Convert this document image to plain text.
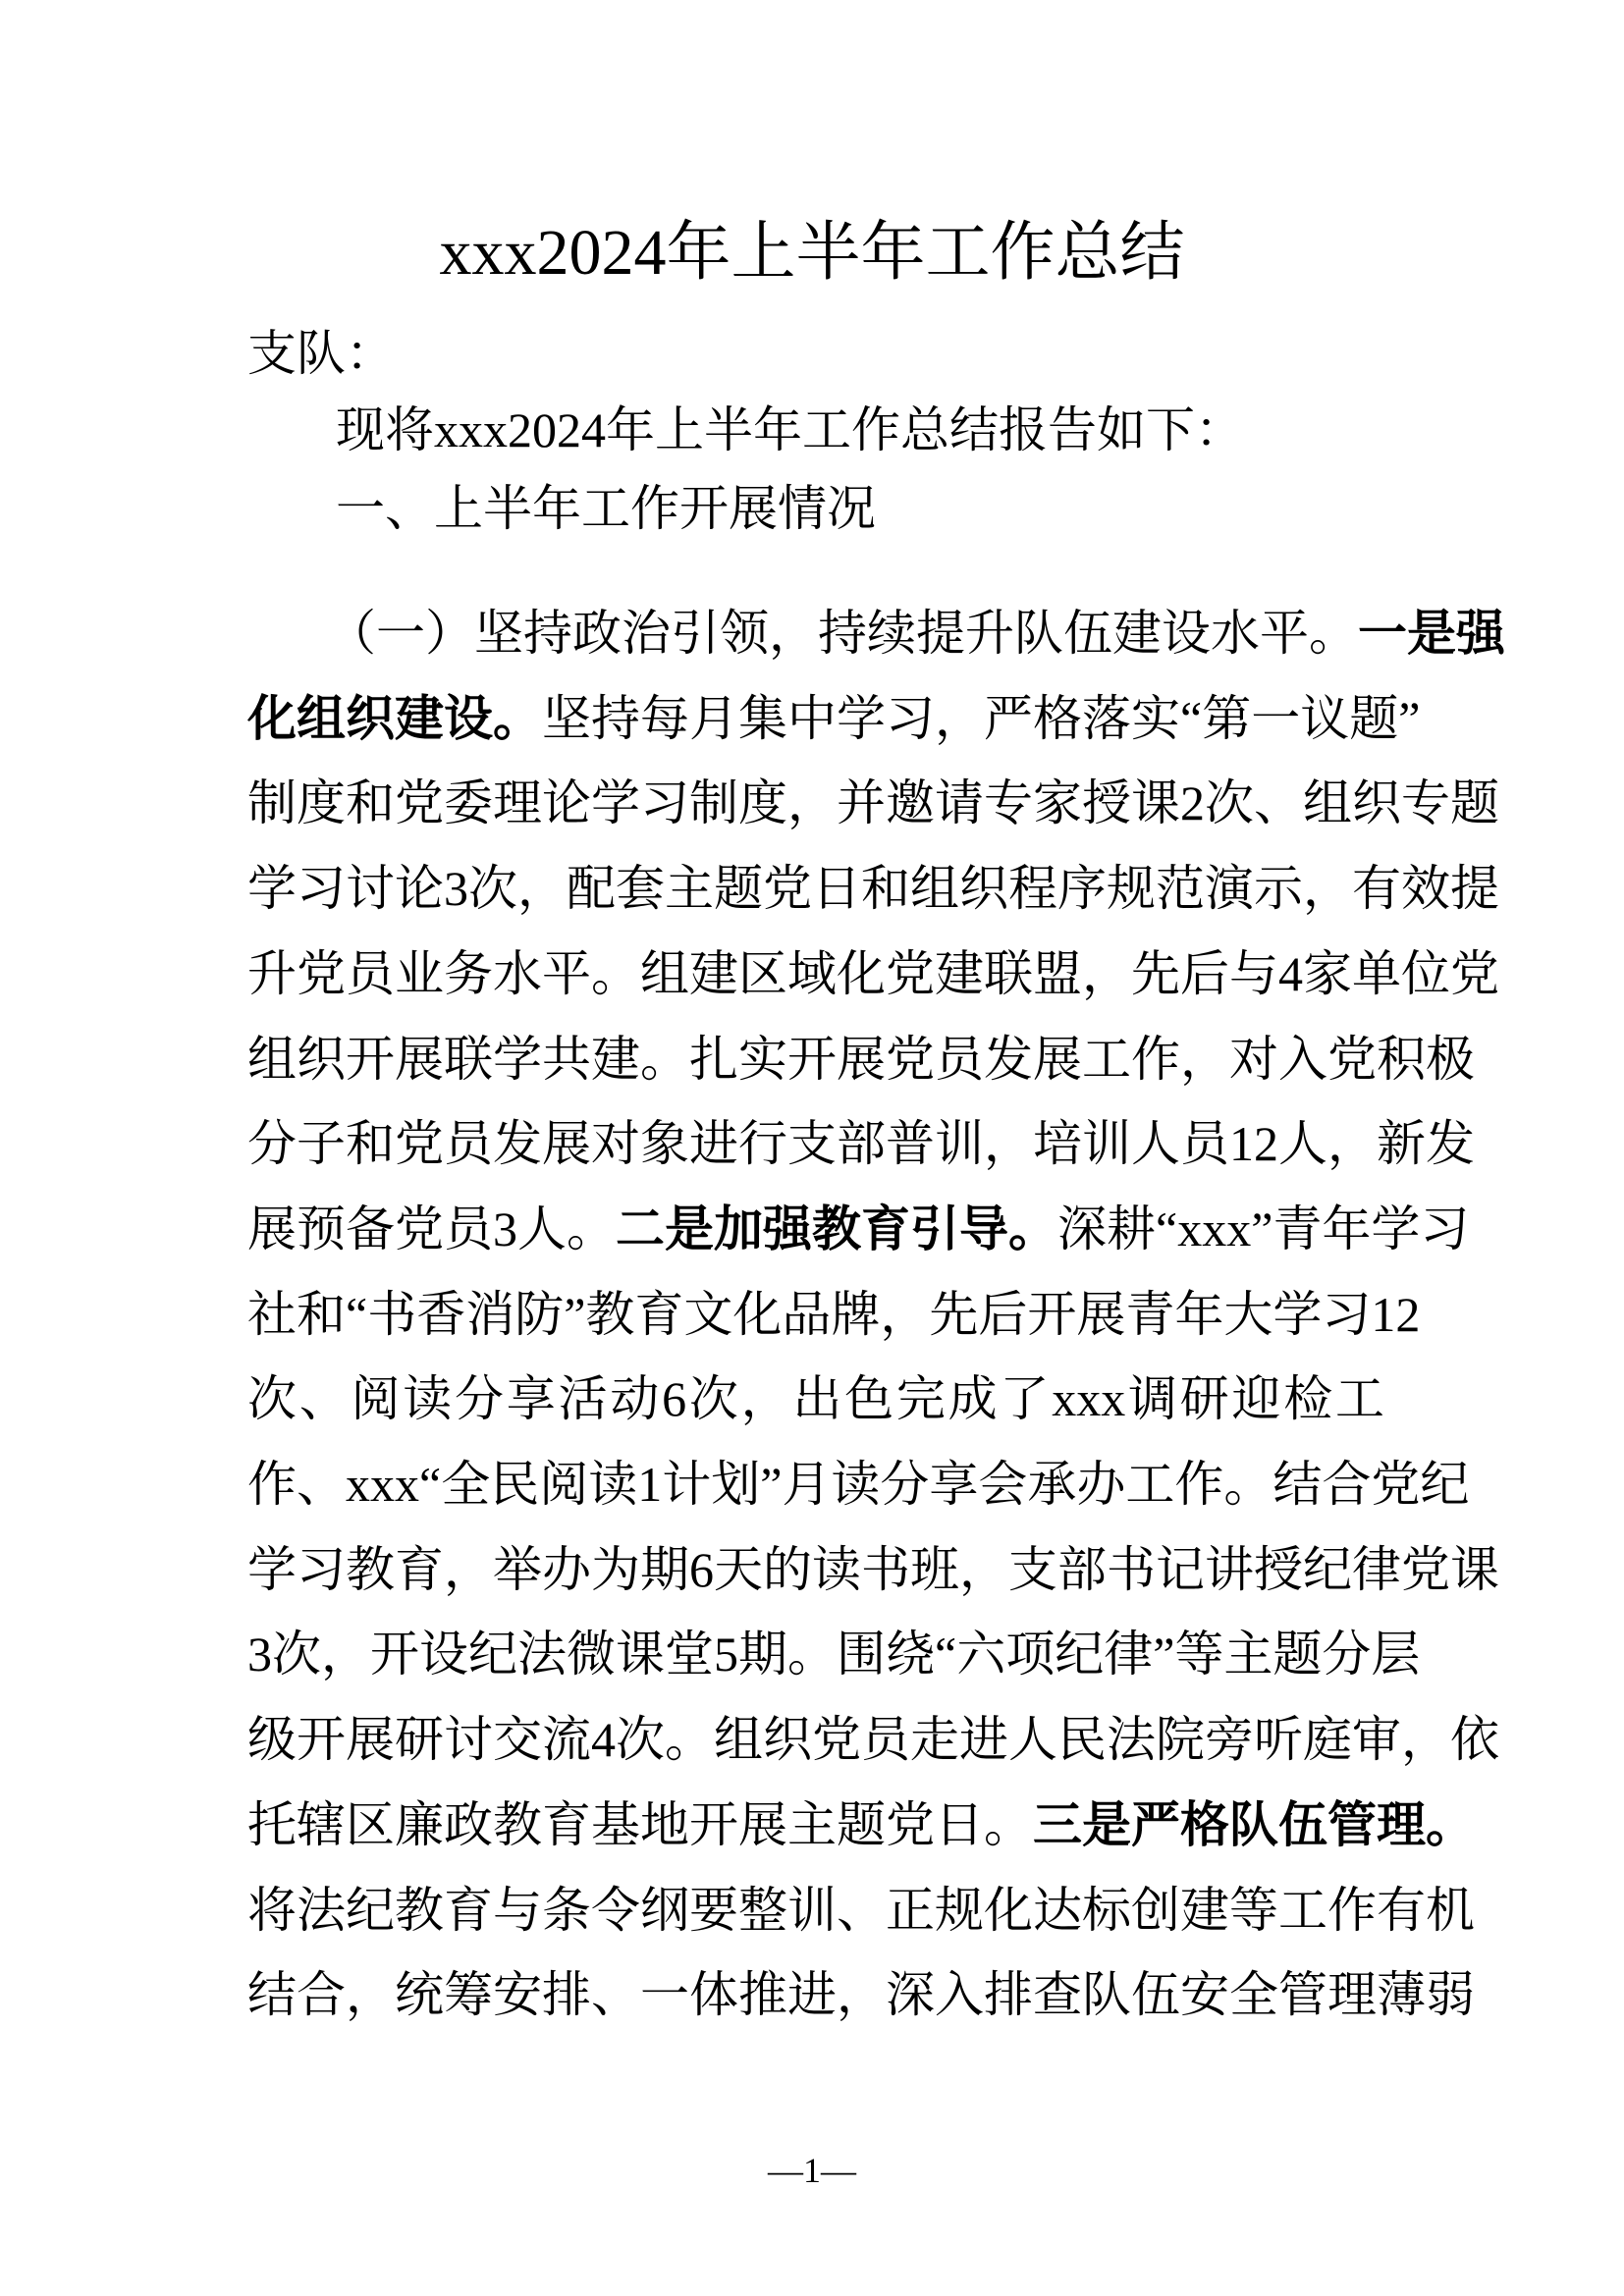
xxx2024年上半年工作总结
支队：
现将xxx2024年上半年工作总结报告如下：
一、上半年工作开展情况
（一）坚持政治引领，持续提升队伍建设水平。一是强
化组织建设。坚持每月集中学习，严格落实“第一议题”
制度和党委理论学习制度，并邀请专家授课2次、组织专题
学习讨论3次，配套主题党日和组织程序规范演示，有效提
升党员业务水平。组建区域化党建联盟，先后与4家单位党
组织开展联学共建。扎实开展党员发展工作，对入党积极
分子和党员发展对象进行支部普训，培训人员12人，新发
展预备党员3人。二是加强教育引导。深耕“xxx”青年学习
社和“书香消防”教育文化品牌，先后开展青年大学习12
次、阅读分享活动6次，出色完成了xxx调研迎检工
作、xxx“全民阅读1计划”月读分享会承办工作。结合党纪
学习教育，举办为期6天的读书班，支部书记讲授纪律党课
3次，开设纪法微课堂5期。围绕“六项纪律”等主题分层
级开展研讨交流4次。组织党员走进人民法院旁听庭审，依
托辖区廉政教育基地开展主题党日。三是严格队伍管理。
将法纪教育与条令纲要整训、正规化达标创建等工作有机
结合，统筹安排、一体推进，深入排查队伍安全管理薄弱
—1—
